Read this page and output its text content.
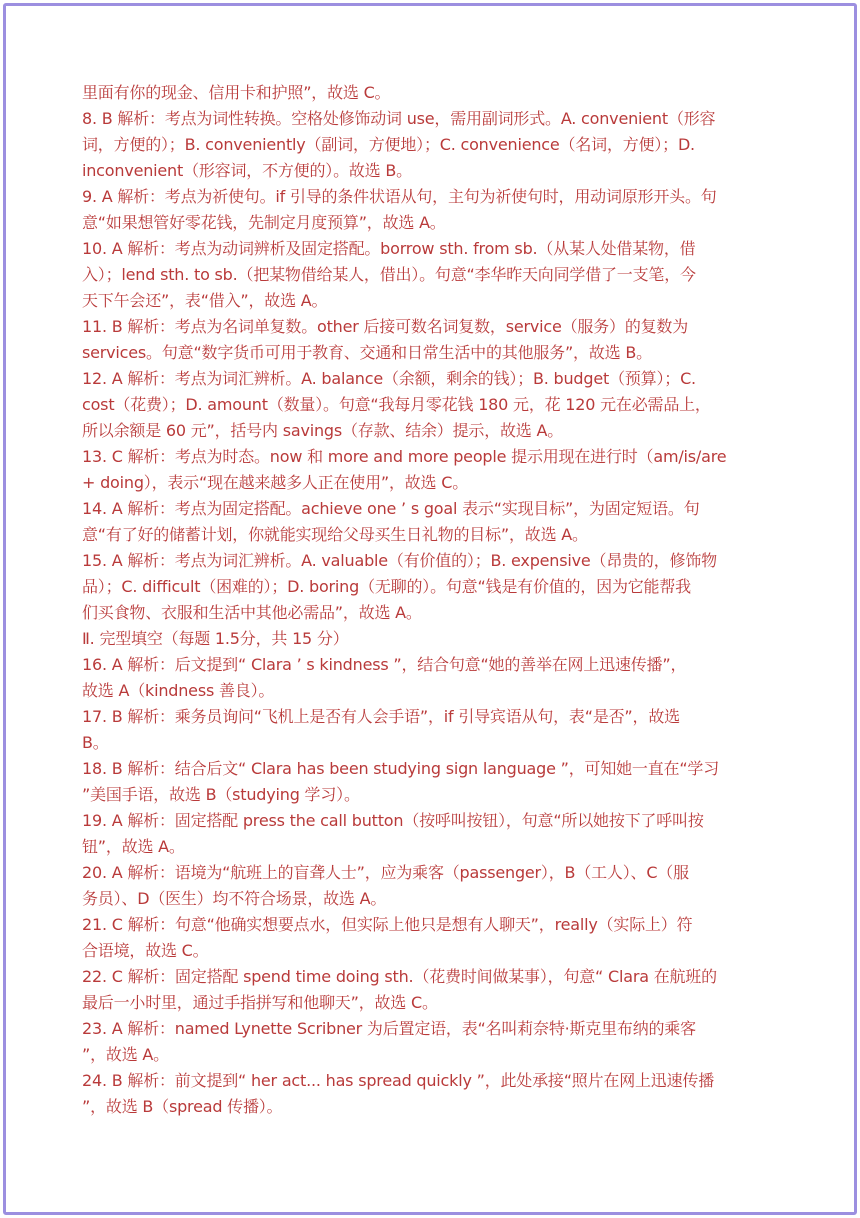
里面有你的现金、信用卡和护照”，故选 C。
8. B 解析：考点为词性转换。空格处修饰动词 use，需用副词形式。A. convenient（形容
词，方便的）；B. conveniently（副词，方便地）；C. convenience（名词，方便）；D.
inconvenient（形容词，不方便的）。故选 B。
9. A 解析：考点为祈使句。if 引导的条件状语从句，主句为祈使句时，用动词原形开头。句
意“如果想管好零花钱，先制定月度预算”，故选 A。
10. A 解析：考点为动词辨析及固定搭配。borrow sth. from sb.（从某人处借某物，借
入）；lend sth. to sb.（把某物借给某人，借出）。句意“李华昨天向同学借了一支笔，今
天下午会还”，表“借入”，故选 A。
11. B 解析：考点为名词单复数。other 后接可数名词复数，service（服务）的复数为
services。句意“数字货币可用于教育、交通和日常生活中的其他服务”，故选 B。
12. A 解析：考点为词汇辨析。A. balance（余额，剩余的钱）；B. budget（预算）；C.
cost（花费）；D. amount（数量）。句意“我每月零花钱 180 元，花 120 元在必需品上，
所以余额是 60 元”，括号内 savings（存款、结余）提示，故选 A。
13. C 解析：考点为时态。now 和 more and more people 提示用现在进行时（am/is/are
+ doing），表示“现在越来越多人正在使用”，故选 C。
14. A 解析：考点为固定搭配。achieve one ’ s goal 表示“实现目标”，为固定短语。句
意“有了好的储蓄计划，你就能实现给父母买生日礼物的目标”，故选 A。
15. A 解析：考点为词汇辨析。A. valuable（有价值的）；B. expensive（昂贵的，修饰物
品）；C. difficult（困难的）；D. boring（无聊的）。句意“钱是有价值的，因为它能帮我
们买食物、衣服和生活中其他必需品”，故选 A。
Ⅱ. 完型填空（每题 1.5分，共 15 分）
16. A 解析：后文提到“ Clara ’ s kindness ”，结合句意“她的善举在网上迅速传播”，
故选 A（kindness 善良）。
17. B 解析：乘务员询问“飞机上是否有人会手语”，if 引导宾语从句，表“是否”，故选
B。
18. B 解析：结合后文“ Clara has been studying sign language ”，可知她一直在“学习
”美国手语，故选 B（studying 学习）。
19. A 解析：固定搭配 press the call button（按呼叫按钮），句意“所以她按下了呼叫按
钮”，故选 A。
20. A 解析：语境为“航班上的盲聋人士”，应为乘客（passenger），B（工人）、C（服
务员）、D（医生）均不符合场景，故选 A。
21. C 解析：句意“他确实想要点水，但实际上他只是想有人聊天”，really（实际上）符
合语境，故选 C。
22. C 解析：固定搭配 spend time doing sth.（花费时间做某事），句意“ Clara 在航班的
最后一小时里，通过手指拼写和他聊天”，故选 C。
23. A 解析：named Lynette Scribner 为后置定语，表“名叫莉奈特·斯克里布纳的乘客
”，故选 A。
24. B 解析：前文提到“ her act... has spread quickly ”，此处承接“照片在网上迅速传播
”，故选 B（spread 传播）。
